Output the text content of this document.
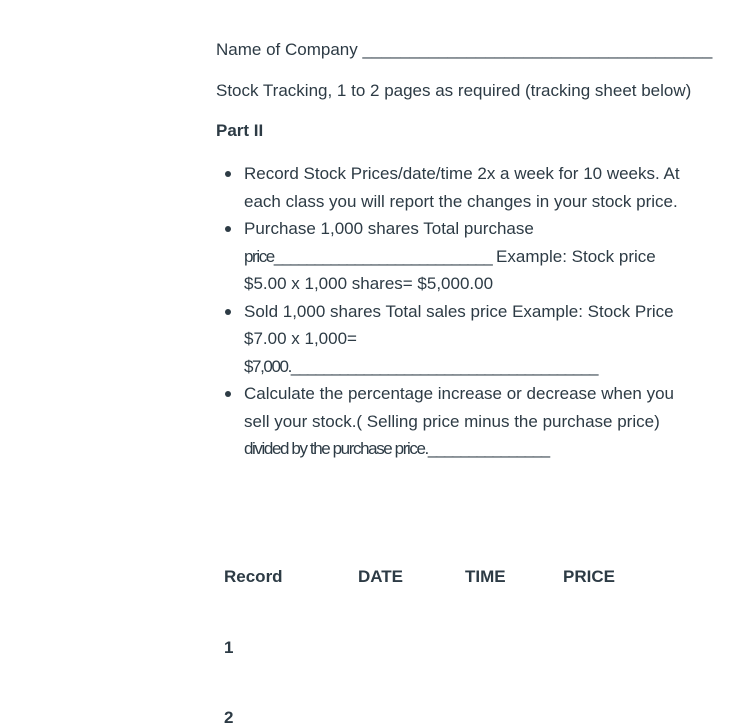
Name of Company _____________________________________
Stock Tracking, 1 to 2 pages as required (tracking sheet below)
Part II
Record Stock Prices/date/time 2x a week for 10 weeks. At
each class you will report the changes in your stock price.
Purchase 1,000 shares Total purchase
price___________________________ Example: Stock price
$5.00 x 1,000 shares= $5,000.00
Sold 1,000 shares Total sales price Example: Stock Price
$7.00 x 1,000=
$7,000.______________________________________
Calculate the percentage increase or decrease when you
sell your stock.( Selling price minus the purchase price)
divided by the purchase price._______________
Record	DATE	TIME	PRICE
1
2
